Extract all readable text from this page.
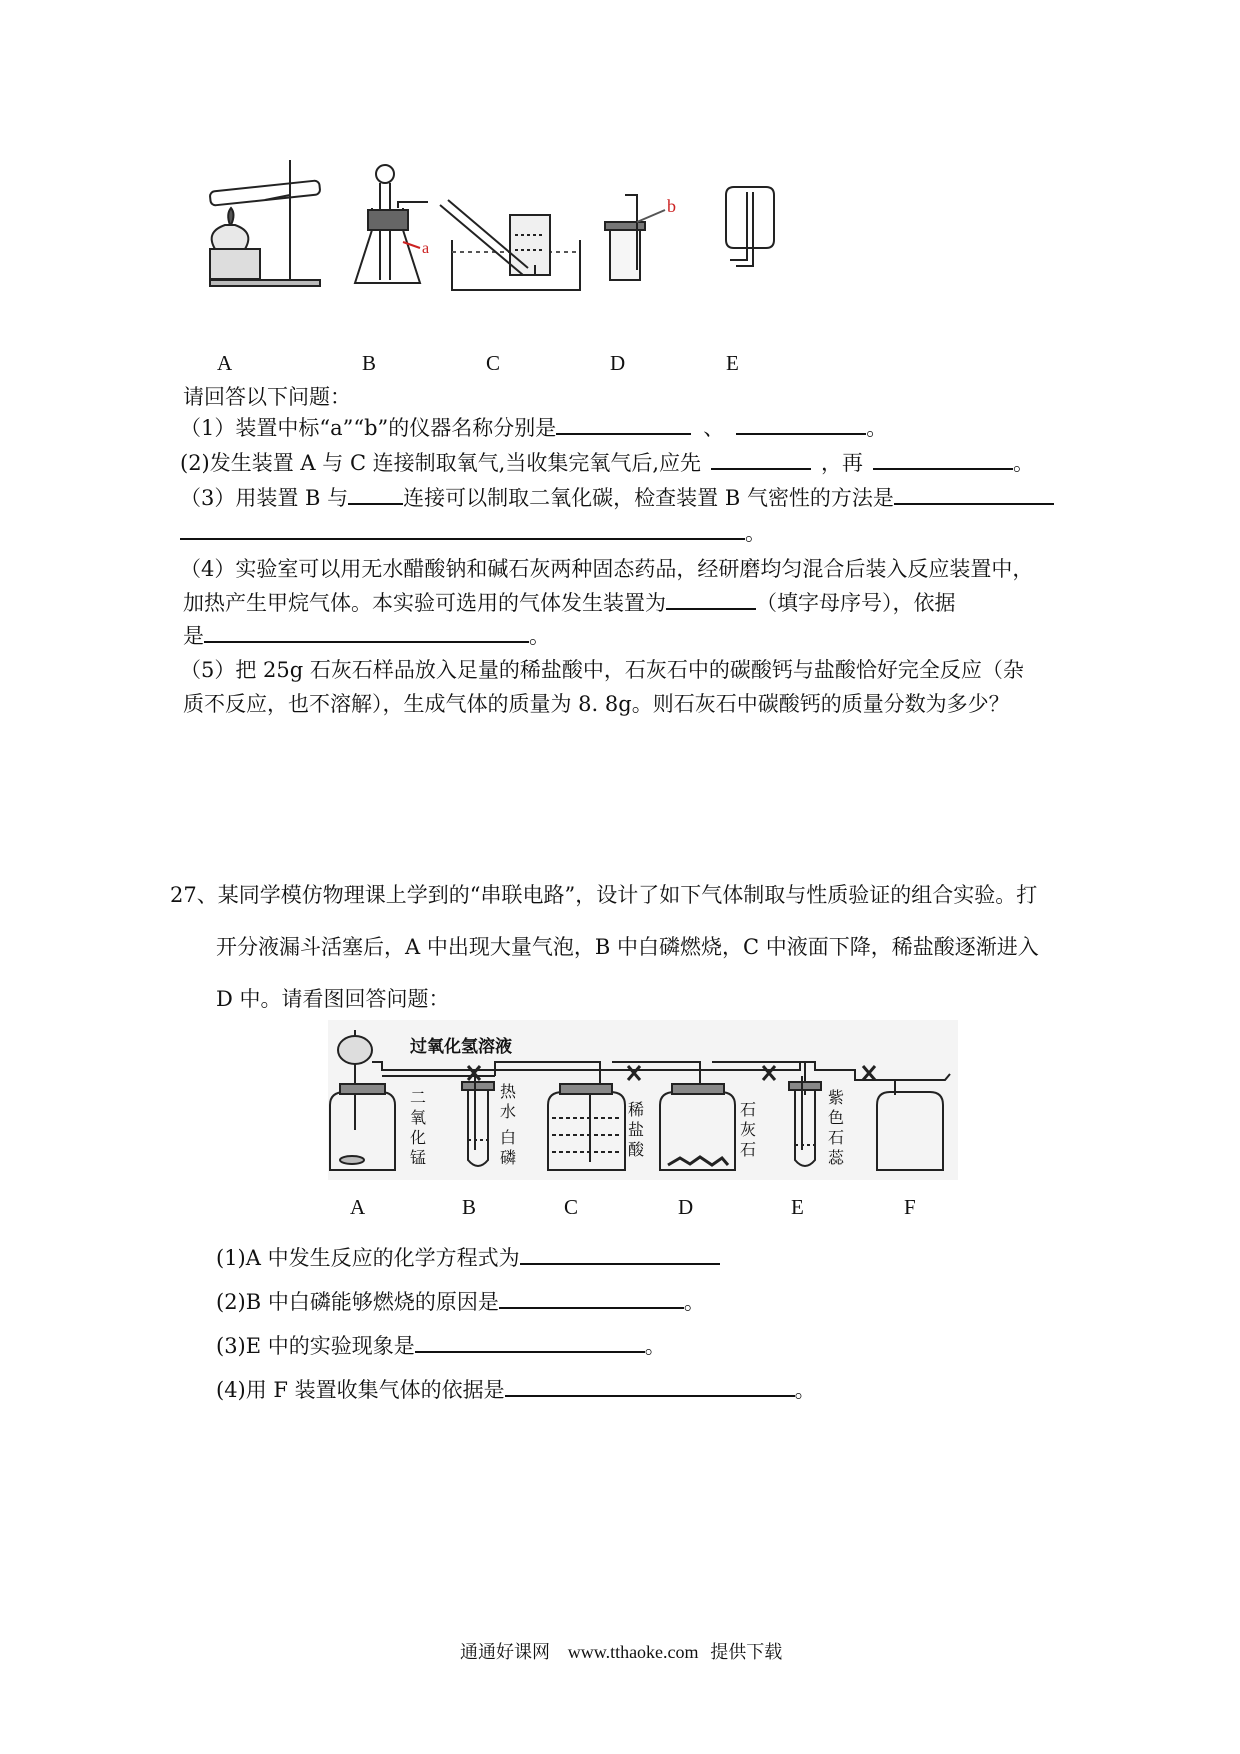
a
b
A	B	C	D	E
请回答以下问题：
（1）装置中标“a”“b”的仪器名称分别是	、	。
(2)发生装置 A 与 C 连接制取氧气,当收集完氧气后,应先	，再	。
（3）用装置 B 与	连接可以制取二氧化碳，检查装置 B 气密性的方法是
。
（4）实验室可以用无水醋酸钠和碱石灰两种固态药品，经研磨均匀混合后装入反应装置中，
加热产生甲烷气体。本实验可选用的气体发生装置为	（填字母序号），依据
是	。
（5）把 25g 石灰石样品放入足量的稀盐酸中，石灰石中的碳酸钙与盐酸恰好完全反应（杂
质不反应，也不溶解），生成气体的质量为 8. 8g。则石灰石中碳酸钙的质量分数为多少？
27、某同学模仿物理课上学到的“串联电路”，设计了如下气体制取与性质验证的组合实验。打
开分液漏斗活塞后，A 中出现大量气泡，B 中白磷燃烧，C 中液面下降，稀盐酸逐渐进入
D 中。请看图回答问题：
过氧化氢溶液
二
氧
化
锰
热
水
白
磷
稀
盐
酸
石
灰
石
紫
色
石
蕊
A	B	C	D	E	F
(1)A 中发生反应的化学方程式为
(2)B 中白磷能够燃烧的原因是	。
(3)E 中的实验现象是	。
(4)用 F 装置收集气体的依据是	。
通通好课网 www.tthaoke.com 提供下载
